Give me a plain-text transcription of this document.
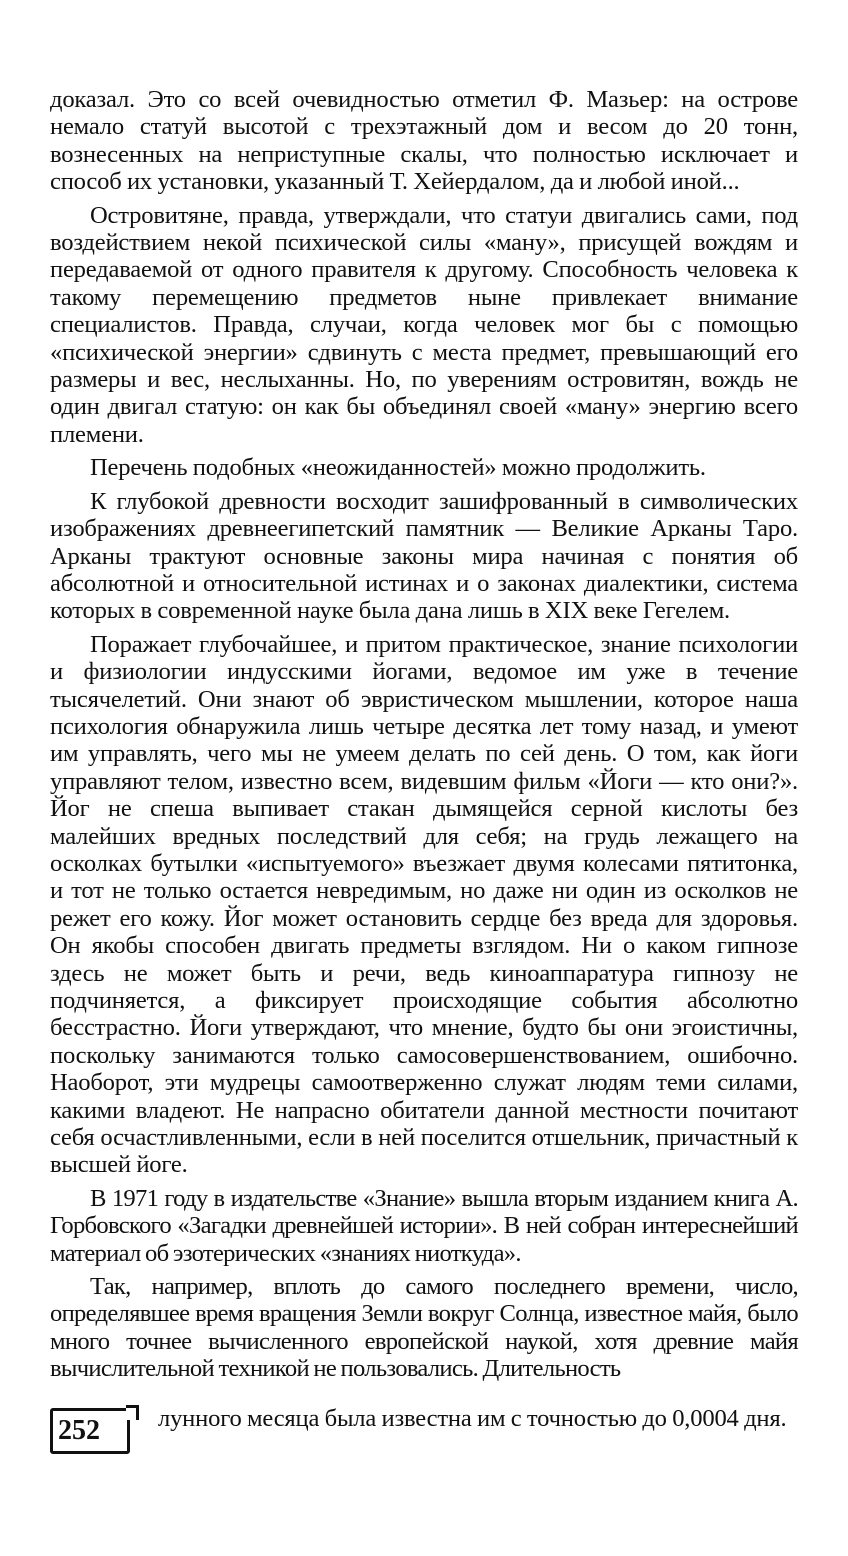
доказал. Это со всей очевидностью отметил Ф. Мазьер: на острове немало статуй высотой с трехэтажный дом и весом до 20 тонн, вознесенных на неприступные скалы, что полностью исключает и способ их установки, указанный Т. Хейердалом, да и любой иной...

Островитяне, правда, утверждали, что статуи двигались сами, под воздействием некой психической силы «ману», присущей вождям и передаваемой от одного правителя к другому. Способность человека к такому перемещению предметов ныне привлекает внимание специалистов. Правда, случаи, когда человек мог бы с помощью «психической энергии» сдвинуть с места предмет, превышающий его размеры и вес, неслыханны. Но, по уверениям островитян, вождь не один двигал статую: он как бы объединял своей «ману» энергию всего племени.

Перечень подобных «неожиданностей» можно продолжить.

К глубокой древности восходит зашифрованный в символических изображениях древнеегипетский памятник — Великие Арканы Таро. Арканы трактуют основные законы мира начиная с понятия об абсолютной и относительной истинах и о законах диалектики, система которых в современной науке была дана лишь в XIX веке Гегелем.

Поражает глубочайшее, и притом практическое, знание психологии и физиологии индусскими йогами, ведомое им уже в течение тысячелетий. Они знают об эвристическом мышлении, которое наша психология обнаружила лишь четыре десятка лет тому назад, и умеют им управлять, чего мы не умеем делать по сей день. О том, как йоги управляют телом, известно всем, видевшим фильм «Йоги — кто они?». Йог не спеша выпивает стакан дымящейся серной кислоты без малейших вредных последствий для себя; на грудь лежащего на осколках бутылки «испытуемого» въезжает двумя колесами пятитонка, и тот не только остается невредимым, но даже ни один из осколков не режет его кожу. Йог может остановить сердце без вреда для здоровья. Он якобы способен двигать предметы взглядом. Ни о каком гипнозе здесь не может быть и речи, ведь киноаппаратура гипнозу не подчиняется, а фиксирует происходящие события абсолютно бесстрастно. Йоги утверждают, что мнение, будто бы они эгоистичны, поскольку занимаются только самосовершенствованием, ошибочно. Наоборот, эти мудрецы самоотверженно служат людям теми силами, какими владеют. Не напрасно обитатели данной местности почитают себя осчастливленными, если в ней поселится отшельник, причастный к высшей йоге.

В 1971 году в издательстве «Знание» вышла вторым изданием книга А. Горбовского «Загадки древнейшей истории». В ней собран интереснейший материал об эзотерических «знаниях ниоткуда».

Так, например, вплоть до самого последнего времени, число, определявшее время вращения Земли вокруг Солнца, известное майя, было много точнее вычисленного европейской наукой, хотя древние майя вычислительной техникой не пользовались. Длительность

252	лунного месяца была известна им с точностью до 0,0004 дня.
